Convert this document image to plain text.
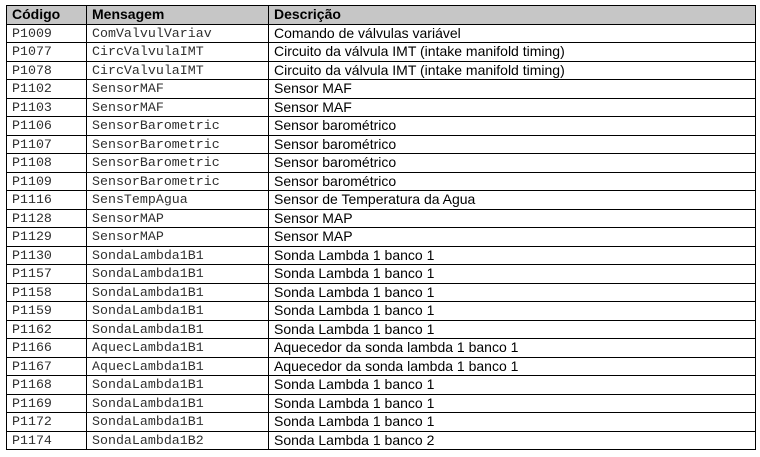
Código	Mensagem	Descrição
P1009	ComValvulVariav	Comando de válvulas variável
P1077	CircValvulaIMT	Circuito da válvula IMT (intake manifold timing)
P1078	CircValvulaIMT	Circuito da válvula IMT (intake manifold timing)
P1102	SensorMAF	Sensor MAF
P1103	SensorMAF	Sensor MAF
P1106	SensorBarometric	Sensor barométrico
P1107	SensorBarometric	Sensor barométrico
P1108	SensorBarometric	Sensor barométrico
P1109	SensorBarometric	Sensor barométrico
P1116	SensTempAgua	Sensor de Temperatura da Agua
P1128	SensorMAP	Sensor MAP
P1129	SensorMAP	Sensor MAP
P1130	SondaLambda1B1	Sonda Lambda 1 banco 1
P1157	SondaLambda1B1	Sonda Lambda 1 banco 1
P1158	SondaLambda1B1	Sonda Lambda 1 banco 1
P1159	SondaLambda1B1	Sonda Lambda 1 banco 1
P1162	SondaLambda1B1	Sonda Lambda 1 banco 1
P1166	AquecLambda1B1	Aquecedor da sonda lambda 1 banco 1
P1167	AquecLambda1B1	Aquecedor da sonda lambda 1 banco 1
P1168	SondaLambda1B1	Sonda Lambda 1 banco 1
P1169	SondaLambda1B1	Sonda Lambda 1 banco 1
P1172	SondaLambda1B1	Sonda Lambda 1 banco 1
P1174	SondaLambda1B2	Sonda Lambda 1 banco 2
